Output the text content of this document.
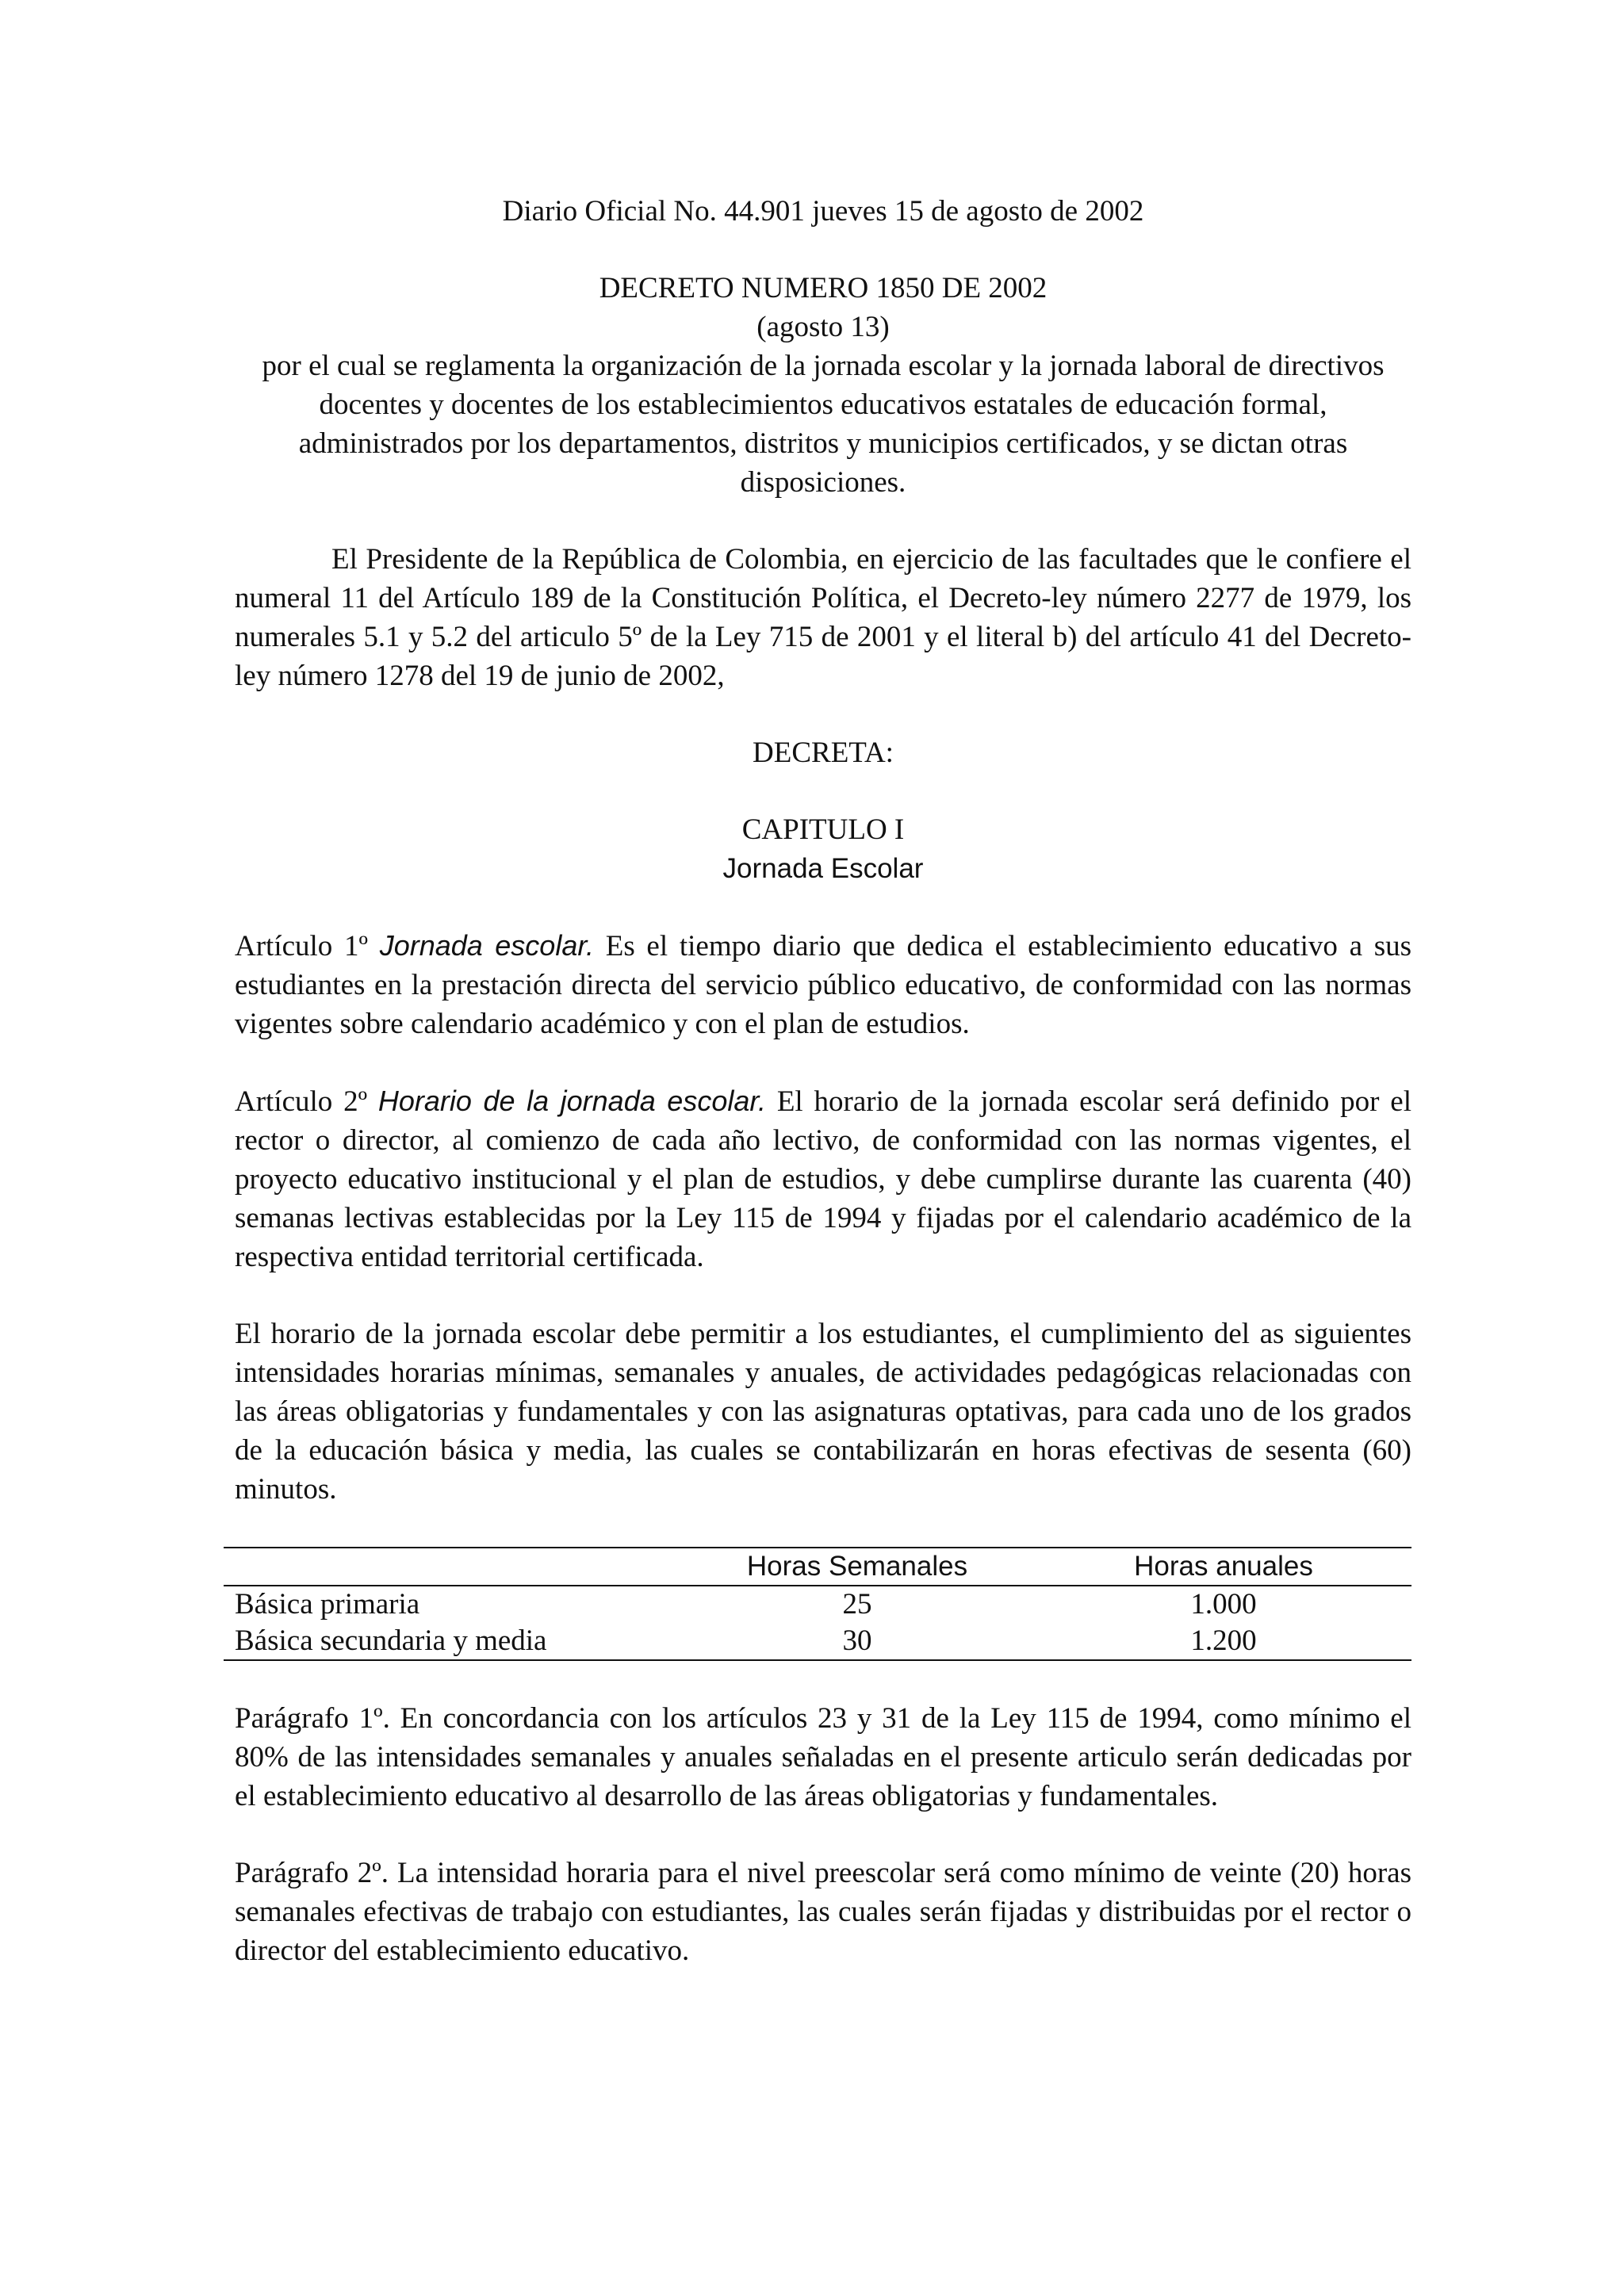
Diario Oficial No. 44.901 jueves 15 de agosto de 2002

DECRETO NUMERO 1850 DE 2002

(agosto 13)

por el cual se reglamenta la organización de la jornada escolar y la jornada laboral de directivos docentes y docentes de los establecimientos educativos estatales de educación formal, administrados por los departamentos, distritos y municipios certificados, y se dictan otras disposiciones.

El Presidente de la República de Colombia, en ejercicio de las facultades que le confiere el numeral 11 del Artículo 189 de la Constitución Política, el Decreto-ley número 2277 de 1979, los numerales 5.1 y 5.2 del articulo 5º de la Ley 715 de 2001 y el literal b) del artículo 41 del Decreto-ley número 1278 del 19 de junio de 2002,

DECRETA:

CAPITULO I

Jornada Escolar

Artículo 1º Jornada escolar. Es el tiempo diario que dedica el establecimiento educativo a sus estudiantes en la prestación directa del servicio público educativo, de conformidad con las normas vigentes sobre calendario académico y con el plan de estudios.

Artículo 2º Horario de la jornada escolar. El horario de la jornada escolar será definido por el rector o director, al comienzo de cada año lectivo, de conformidad con las normas vigentes, el proyecto educativo institucional y el plan de estudios, y debe cumplirse durante las cuarenta (40) semanas lectivas establecidas por la Ley 115 de 1994 y fijadas por el calendario académico de la respectiva entidad territorial certificada.

El horario de la jornada escolar debe permitir a los estudiantes, el cumplimiento del as siguientes intensidades horarias mínimas, semanales y anuales, de actividades pedagógicas relacionadas con las áreas obligatorias y fundamentales y con las asignaturas optativas, para cada uno de los grados de la educación básica y media, las cuales se contabilizarán en horas efectivas de sesenta (60) minutos.

	Horas Semanales	Horas anuales
Básica primaria	25	1.000
Básica secundaria y media	30	1.200

Parágrafo 1º. En concordancia con los artículos 23 y 31 de la Ley 115 de 1994, como mínimo el 80% de las intensidades semanales y anuales señaladas en el presente articulo serán dedicadas por el establecimiento educativo al desarrollo de las áreas obligatorias y fundamentales.

Parágrafo 2º. La intensidad horaria para el nivel preescolar será como mínimo de veinte (20) horas semanales efectivas de trabajo con estudiantes, las cuales serán fijadas y distribuidas por el rector o director del establecimiento educativo.
